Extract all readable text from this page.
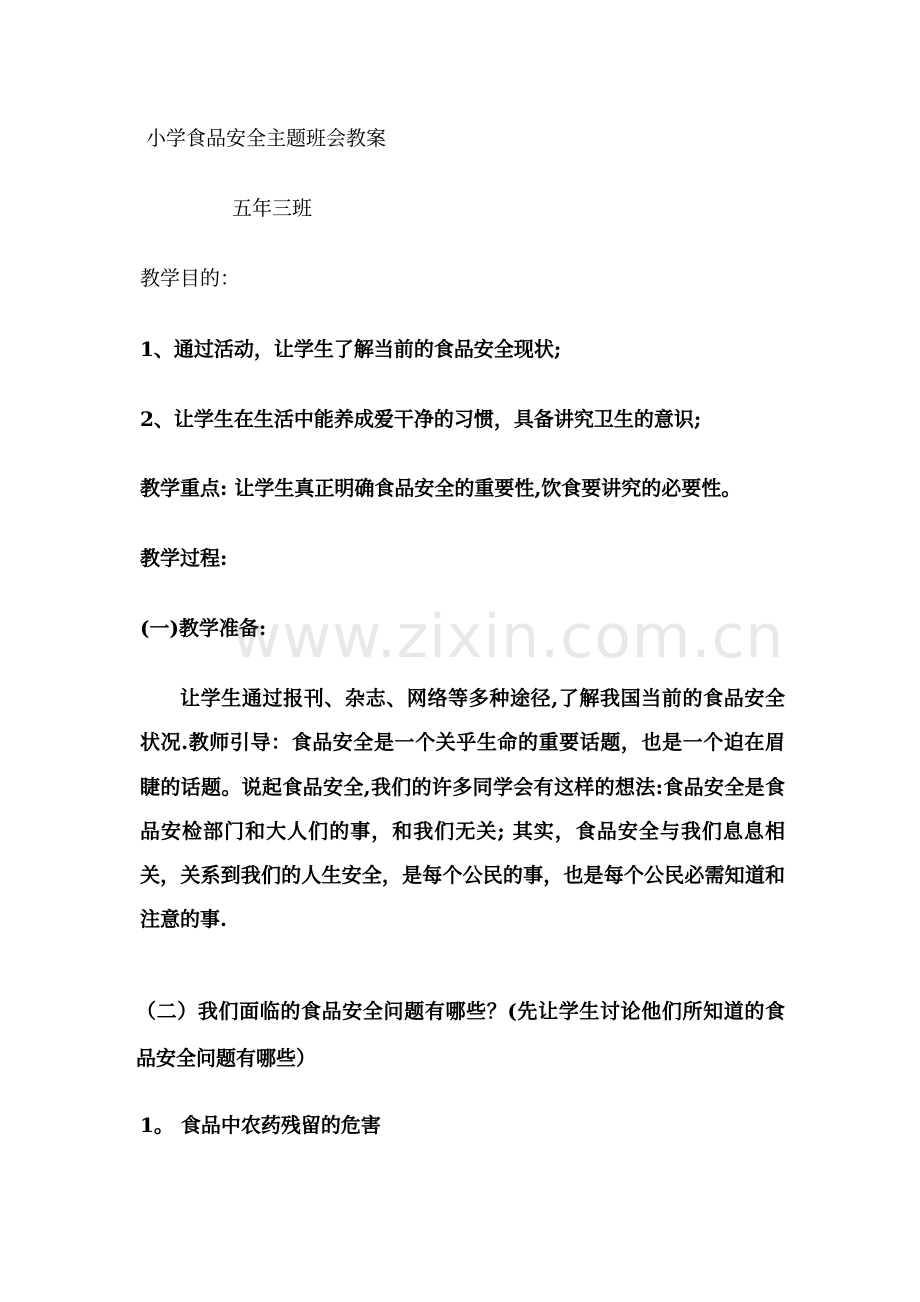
小学食品安全主题班会教案

五年三班

教学目的：

1、通过活动，让学生了解当前的食品安全现状;

2、让学生在生活中能养成爱干净的习惯，具备讲究卫生的意识;

教学重点: 让学生真正明确食品安全的重要性,饮食要讲究的必要性。

教学过程:

(一)教学准备:

www.zixin.com.cn

让学生通过报刊、杂志、网络等多种途径,了解我国当前的食品安全状况.教师引导：食品安全是一个关乎生命的重要话题，也是一个迫在眉睫的话题。说起食品安全,我们的许多同学会有这样的想法:食品安全是食品安检部门和大人们的事，和我们无关; 其实，食品安全与我们息息相关，关系到我们的人生安全，是每个公民的事，也是每个公民必需知道和注意的事.

（二）我们面临的食品安全问题有哪些？(先让学生讨论他们所知道的食品安全问题有哪些）

1。 食品中农药残留的危害
